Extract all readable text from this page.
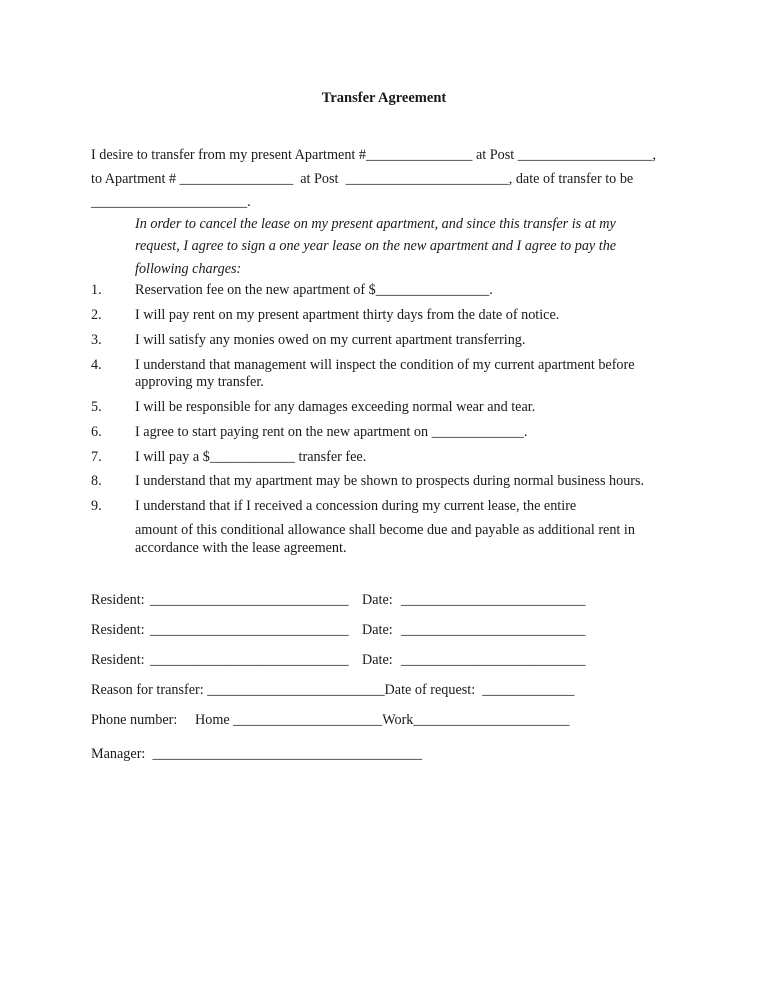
Transfer Agreement
I desire to transfer from my present Apartment #_______________ at Post ___________________,
to Apartment # ________________  at Post  _______________________, date of transfer to be
______________________.
In order to cancel the lease on my present apartment, and since this transfer is at my
request, I agree to sign a one year lease on the new apartment and I agree to pay the
following charges:
1. Reservation fee on the new apartment of $________________.
2. I will pay rent on my present apartment thirty days from the date of notice.
3. I will satisfy any monies owed on my current apartment transferring.
4. I understand that management will inspect the condition of my current apartment before
approving my transfer.
5. I will be responsible for any damages exceeding normal wear and tear.
6. I agree to start paying rent on the new apartment on _____________.
7. I will pay a $____________ transfer fee.
8. I understand that my apartment may be shown to prospects during normal business hours.
9. I understand that if I received a concession during my current lease, the entire
amount of this conditional allowance shall become due and payable as additional rent in
accordance with the lease agreement.
Resident: ____________________________ Date: __________________________
Resident: ____________________________ Date: __________________________
Resident: ____________________________ Date: __________________________
Reason for transfer: _________________________Date of request:  _____________
Phone number:     Home _____________________Work______________________
Manager:  ______________________________________
